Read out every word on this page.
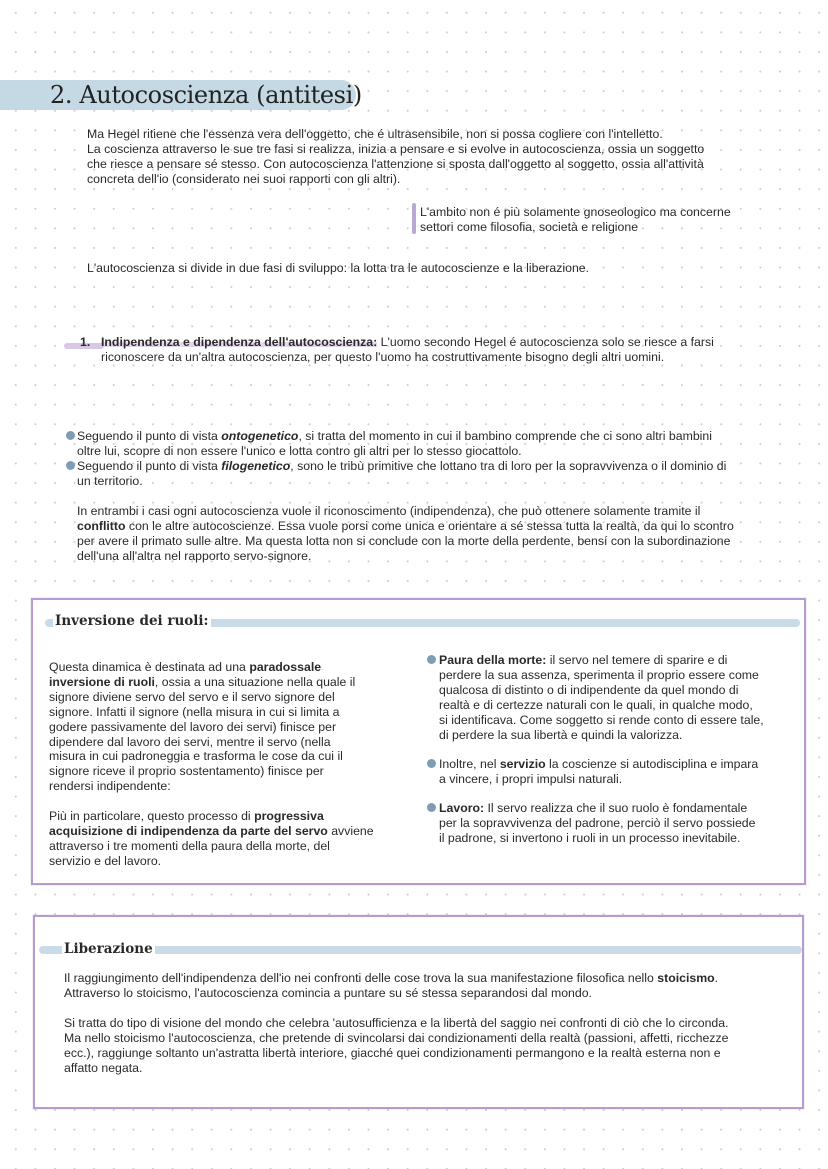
2. Autocoscienza (antitesi)

Ma Hegel ritiene che l'essenza vera dell'oggetto, che é ultrasensibile, non si possa cogliere con l'intelletto.

La coscienza attraverso le sue tre fasi si realizza, inizia a pensare e si evolve in autocoscienza, ossia un soggetto

che riesce a pensare sé stesso. Con autocoscienza l'attenzione si sposta dall'oggetto al soggetto, ossia all'attività

concreta dell'io (considerato nei suoi rapporti con gli altri).

L'ambito non é più solamente gnoseologico ma concerne

settori come filosofia, società e religione

L'autocoscienza si divide in due fasi di sviluppo: la lotta tra le autocoscienze e la liberazione.
1. Indipendenza e dipendenza dell'autocoscienza: L'uomo secondo Hegel é autocoscienza solo se riesce a farsi

riconoscere da un'altra autocoscienza, per questo l'uomo ha costruttivamente bisogno degli altri uomini.

Seguendo il punto di vista ontogenetico, si tratta del momento in cui il bambino comprende che ci sono altri bambini

oltre lui, scopre di non essere l'unico e lotta contro gli altri per lo stesso giocattolo.

Seguendo il punto di vista filogenetico, sono le tribù primitive che lottano tra di loro per la sopravvivenza o il dominio di

un territorio.

In entrambi i casi ogni autocoscienza vuole il riconoscimento (indipendenza), che può ottenere solamente tramite il

conflitto con le altre autocoscienze. Essa vuole porsi come unica e orientare a sé stessa tutta la realtà, da qui lo scontro

per avere il primato sulle altre. Ma questa lotta non si conclude con la morte della perdente, bensí con la subordinazione

dell'una all'altra nel rapporto servo-signore.

Inversione dei ruoli:

Questa dinamica è destinata ad una paradossale

inversione di ruoli, ossia a una situazione nella quale il

signore diviene servo del servo e il servo signore del

signore. Infatti il signore (nella misura in cui si limita a

godere passivamente del lavoro dei servi) finisce per

dipendere dal lavoro dei servi, mentre il servo (nella

misura in cui padroneggia e trasforma le cose da cui il

signore riceve il proprio sostentamento) finisce per

rendersi indipendente:

Più in particolare, questo processo di progressiva

acquisizione di indipendenza da parte del servo avviene

attraverso i tre momenti della paura della morte, del

servizio e del lavoro.

Paura della morte: il servo nel temere di sparire e di

perdere la sua assenza, sperimenta il proprio essere come

qualcosa di distinto o di indipendente da quel mondo di

realtà e di certezze naturali con le quali, in qualche modo,

si identificava. Come soggetto si rende conto di essere tale,

di perdere la sua libertà e quindi la valorizza.

Inoltre, nel servizio la coscienze si autodisciplina e impara

a vincere, i propri impulsi naturali.

Lavoro: Il servo realizza che il suo ruolo è fondamentale

per la sopravvivenza del padrone, perciò il servo possiede

il padrone, si invertono i ruoli in un processo inevitabile.

Liberazione

Il raggiungimento dell'indipendenza dell'io nei confronti delle cose trova la sua manifestazione filosofica nello stoicismo.

Attraverso lo stoicismo, l'autocoscienza comincia a puntare su sé stessa separandosi dal mondo.

Si tratta do tipo di visione del mondo che celebra 'autosufficienza e la libertà del saggio nei confronti di ciò che lo circonda.

Ma nello stoicismo l'autocoscienza, che pretende di svincolarsi dai condizionamenti della realtà (passioni, affetti, ricchezze

ecc.), raggiunge soltanto un'astratta libertà interiore, giacché quei condizionamenti permangono e la realtà esterna non e

affatto negata.
